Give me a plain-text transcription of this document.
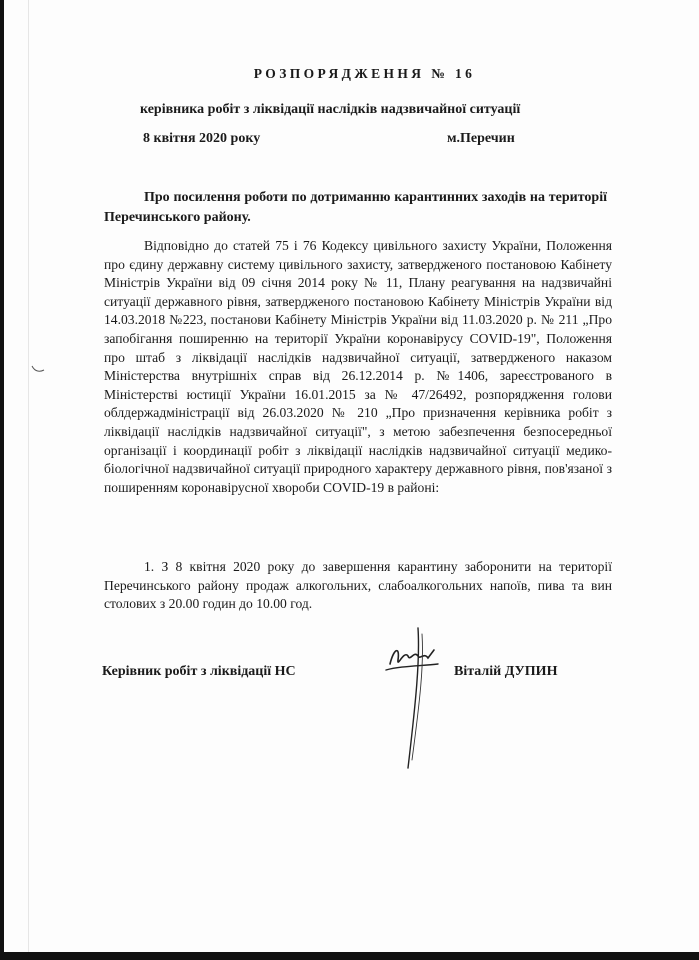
РОЗПОРЯДЖЕННЯ № 16
керівника робіт з ліквідації наслідків надзвичайної ситуації
8 квітня 2020 року	м.Перечин
Про посилення роботи по дотриманню карантинних заходів на території Перечинського району.
Відповідно до статей 75 і 76 Кодексу цивільного захисту України, Положення про єдину державну систему цивільного захисту, затвердженого постановою Кабінету Міністрів України від 09 січня 2014 року № 11, Плану реагування на надзвичайні ситуації державного рівня, затвердженого постановою Кабінету Міністрів України від 14.03.2018 №223, постанови Кабінету Міністрів України від 11.03.2020 р. № 211 „Про запобігання поширенню на території України коронавірусу COVID-19", Положення про штаб з ліквідації наслідків надзвичайної ситуації, затвердженого наказом Міністерства внутрішніх справ від 26.12.2014 р. №1406, зареєстрованого в Міністерстві юстиції України 16.01.2015 за № 47/26492, розпорядження голови облдержадміністрації від 26.03.2020 № 210 „Про призначення керівника робіт з ліквідації наслідків надзвичайної ситуації", з метою забезпечення безпосередньої організації і координації робіт з ліквідації наслідків надзвичайної ситуації медико-біологічної надзвичайної ситуації природного характеру державного рівня, пов'язаної з поширенням коронавірусної хвороби COVID-19 в районі:
1. З 8 квітня 2020 року до завершення карантину заборонити на території Перечинського району продаж алкогольних, слабоалкогольних напоїв, пива та вин столових з 20.00 годин до 10.00 год.
Керівник робіт з ліквідації НС	Віталій ДУПИН
